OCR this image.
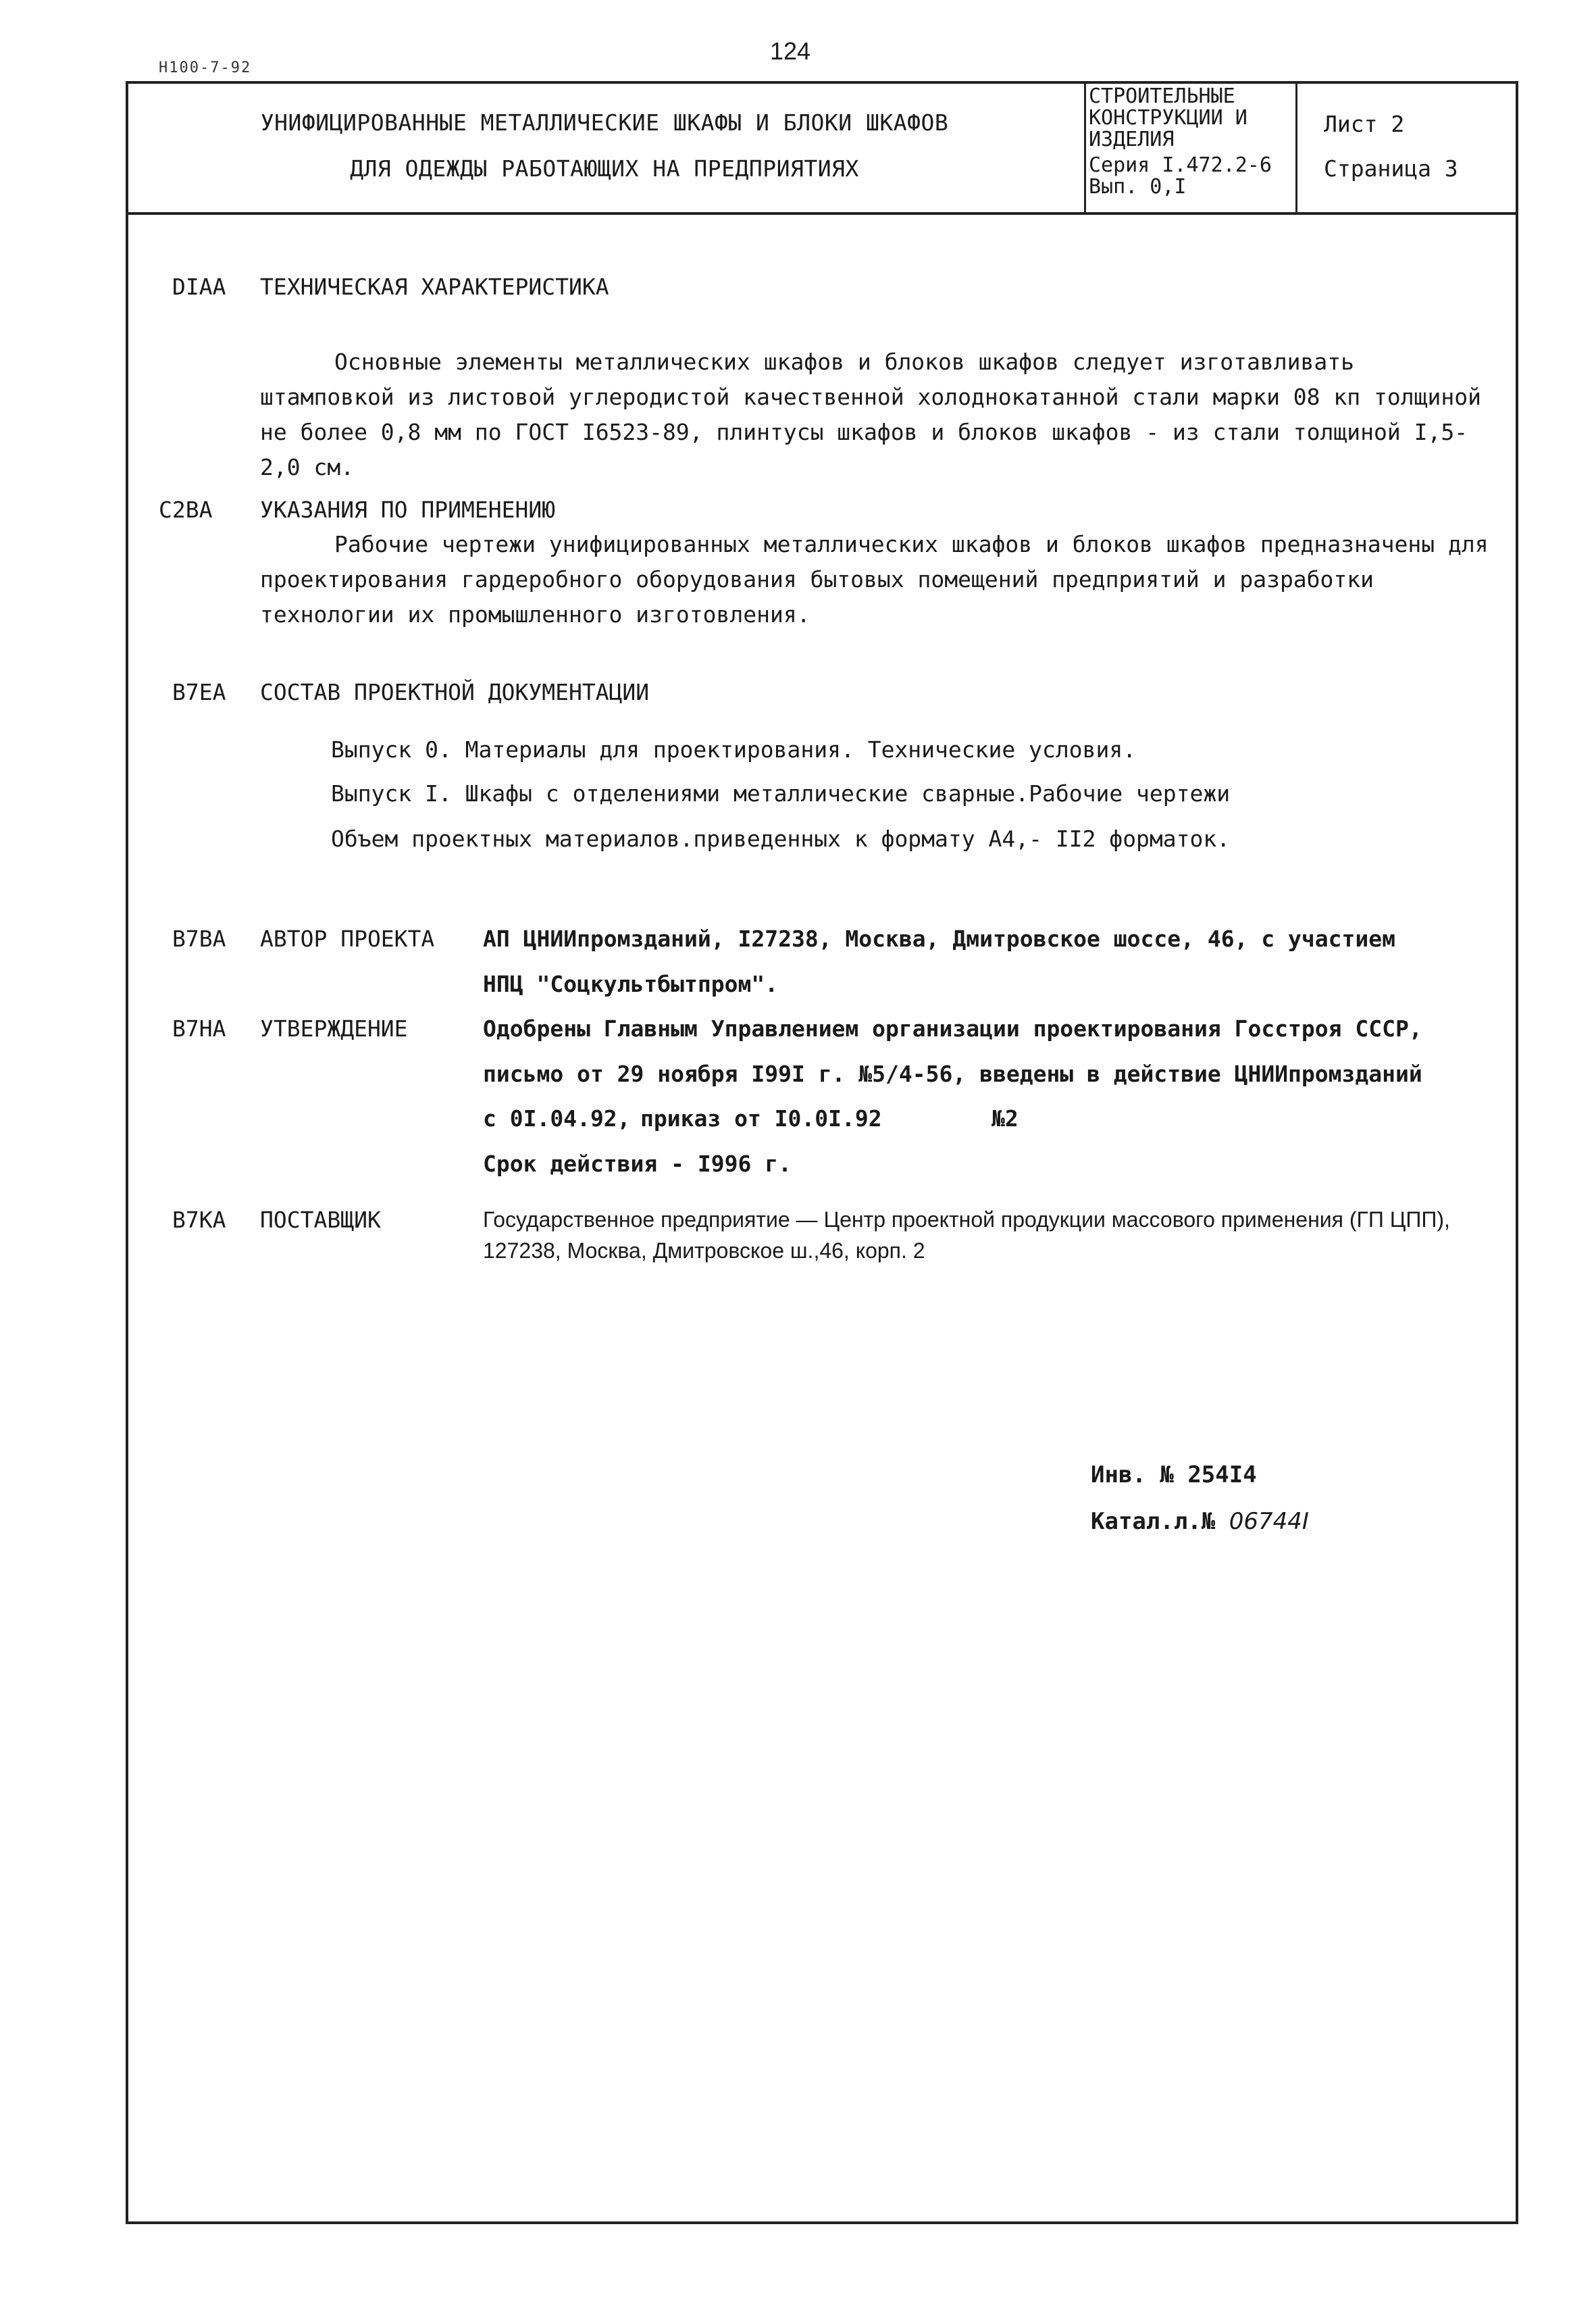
Н100-7-92
124
УНИФИЦИРОВАННЫЕ МЕТАЛЛИЧЕСКИЕ ШКАФЫ И БЛОКИ ШКАФОВ
ДЛЯ ОДЕЖДЫ РАБОТАЮЩИХ НА ПРЕДПРИЯТИЯХ
СТРОИТЕЛЬНЫЕ
КОНСТРУКЦИИ И
ИЗДЕЛИЯ
Серия I.472.2-6
Вып. 0,I
Лист 2
Страница 3
DIAA ТЕХНИЧЕСКАЯ ХАРАКТЕРИСТИКА
Основные элементы металлических шкафов и блоков шкафов следует изготавливать штамповкой из листовой углеродистой качественной холоднокатанной стали марки 08 кп толщиной не более 0,8 мм по ГОСТ I6523-89, плинтусы шкафов и блоков шкафов - из стали толщиной I,5-2,0 см.
C2BA УКАЗАНИЯ ПО ПРИМЕНЕНИЮ
Рабочие чертежи унифицированных металлических шкафов и блоков шкафов предназначены для проектирования гардеробного оборудования бытовых помещений предприятий и разработки технологии их промышленного изготовления.
B7EA СОСТАВ ПРОЕКТНОЙ ДОКУМЕНТАЦИИ
Выпуск 0. Материалы для проектирования. Технические условия.
Выпуск I. Шкафы с отделениями металлические сварные.Рабочие чертежи
Объем проектных материалов.приведенных к формату А4,- II2 форматок.
B7BA АВТОР ПРОЕКТА АП ЦНИИпромзданий, I27238, Москва, Дмитровское шоссе, 46, с участием
НПЦ "Соцкультбытпром".
B7HA УТВЕРЖДЕНИЕ	Одобрены Главным Управлением организации проектирования Госстроя СССР,
письмо от 29 ноября I99I г. №5/4-56, введены в действие ЦНИИпромзданий
с 0I.04.92, приказ от I0.0I.92	№2
Срок действия - I996 г.
B7KA ПОСТАВЩИК	Государственное предприятие — Центр проектной продукции массового применения (ГП ЦПП), 127238, Москва, Дмитровское ш.,46, корп. 2
Инв. № 254I4
Катал.л.№ 06744I
